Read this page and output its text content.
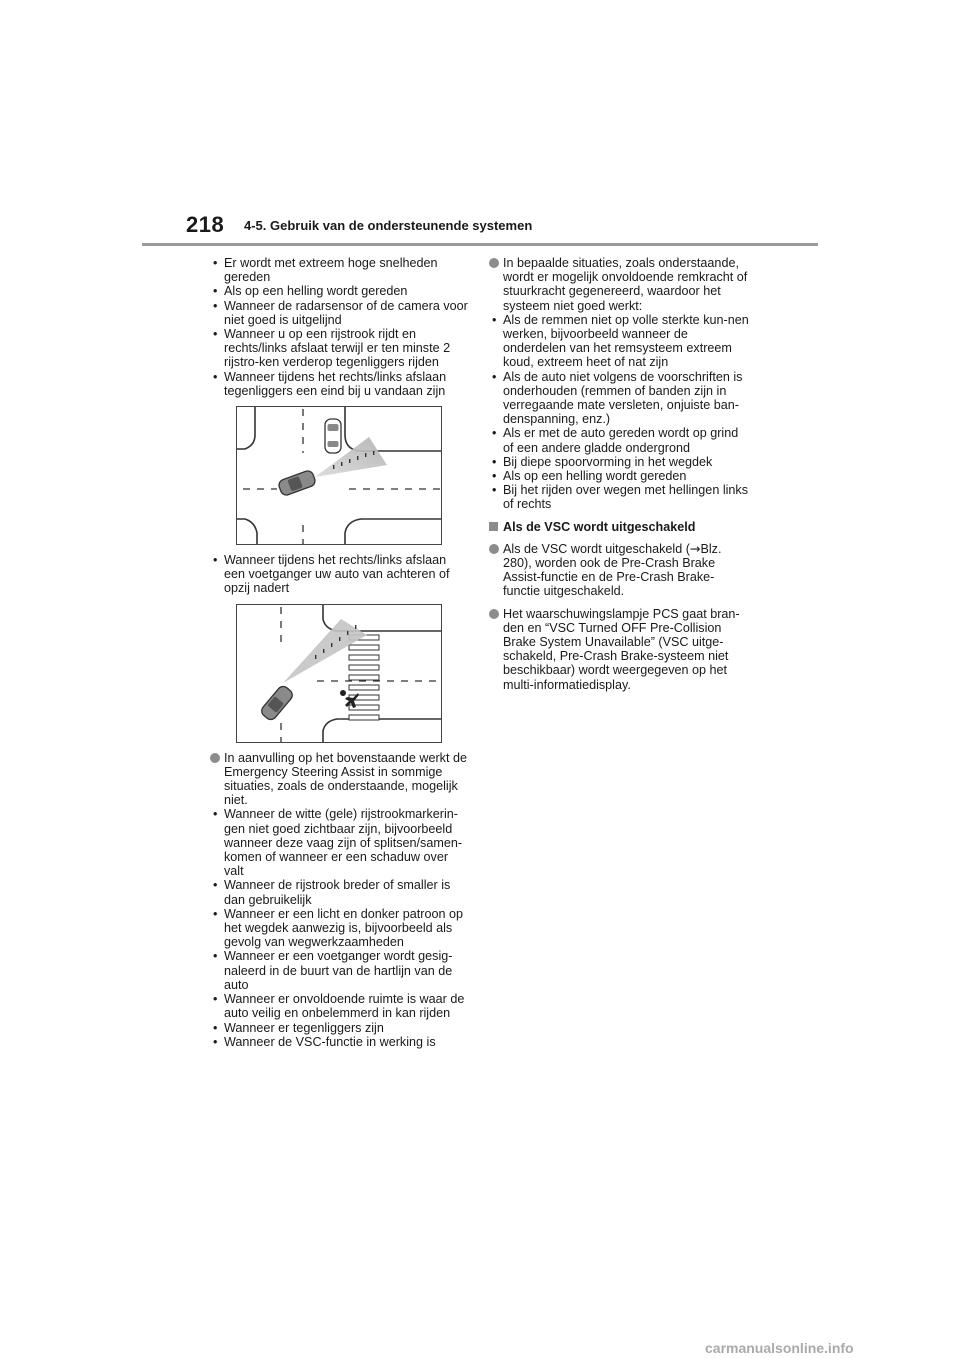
218 4-5. Gebruik van de ondersteunende systemen
• Er wordt met extreem hoge snelheden gereden
• Als op een helling wordt gereden
• Wanneer de radarsensor of de camera voor niet goed is uitgelijnd
• Wanneer u op een rijstrook rijdt en rechts/links afslaat terwijl er ten minste 2 rijstro-ken verderop tegenliggers rijden
• Wanneer tijdens het rechts/links afslaan tegenliggers een eind bij u vandaan zijn
• Wanneer tijdens het rechts/links afslaan een voetganger uw auto van achteren of opzij nadert

In aanvulling op het bovenstaande werkt de Emergency Steering Assist in sommige situaties, zoals de onderstaande, mogelijk niet.

• Wanneer de witte (gele) rijstrookmarkerin-gen niet goed zichtbaar zijn, bijvoorbeeld wanneer deze vaag zijn of splitsen/samen-komen of wanneer er een schaduw over valt
• Wanneer de rijstrook breder of smaller is dan gebruikelijk
• Wanneer er een licht en donker patroon op het wegdek aanwezig is, bijvoorbeeld als gevolg van wegwerkzaamheden
• Wanneer er een voetganger wordt gesig-naleerd in de buurt van de hartlijn van de auto
• Wanneer er onvoldoende ruimte is waar de auto veilig en onbelemmerd in kan rijden
• Wanneer er tegenliggers zijn
• Wanneer de VSC-functie in werking is

In bepaalde situaties, zoals onderstaande, wordt er mogelijk onvoldoende remkracht of stuurkracht gegenereerd, waardoor het systeem niet goed werkt:

• Als de remmen niet op volle sterkte kun-nen werken, bijvoorbeeld wanneer de onderdelen van het remsysteem extreem koud, extreem heet of nat zijn
• Als de auto niet volgens de voorschriften is onderhouden (remmen of banden zijn in verregaande mate versleten, onjuiste ban-denspanning, enz.)
• Als er met de auto gereden wordt op grind of een andere gladde ondergrond
• Bij diepe spoorvorming in het wegdek
• Als op een helling wordt gereden
• Bij het rijden over wegen met hellingen links of rechts

Als de VSC wordt uitgeschakeld

Als de VSC wordt uitgeschakeld (→Blz. 280), worden ook de Pre-Crash Brake Assist-functie en de Pre-Crash Brake-functie uitgeschakeld.

Het waarschuwingslampje PCS gaat bran-den en “VSC Turned OFF Pre-Collision Brake System Unavailable” (VSC uitge-schakeld, Pre-Crash Brake-systeem niet beschikbaar) wordt weergegeven op het multi-informatiedisplay.

carmanualsonline.info
